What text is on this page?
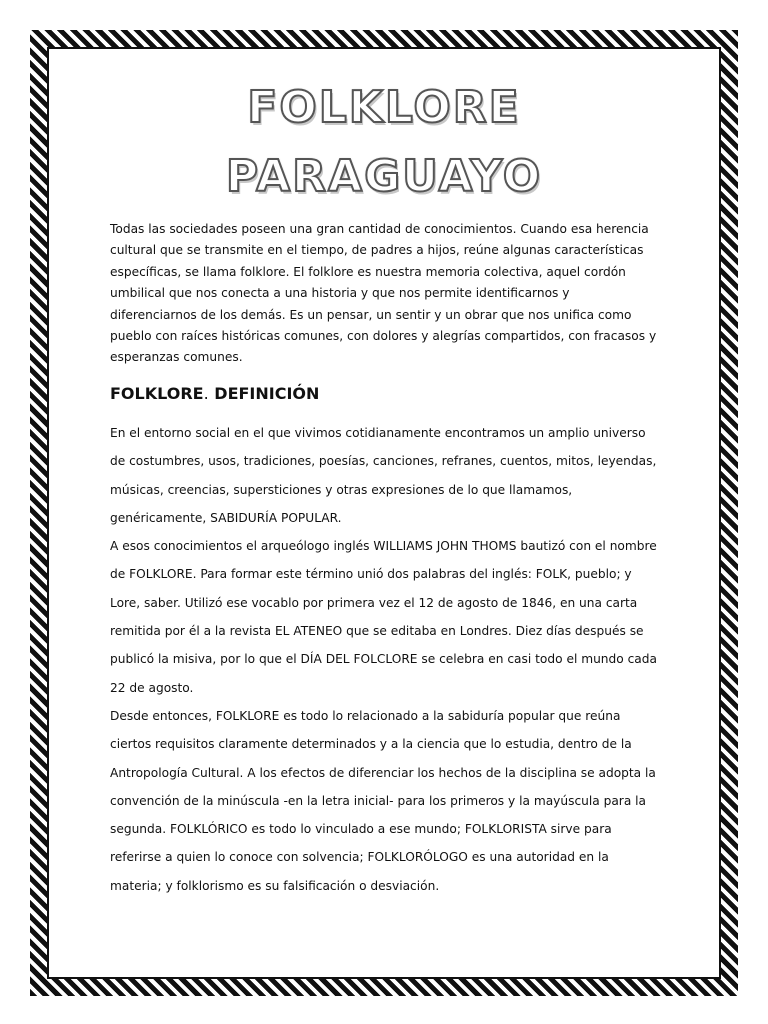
FOLKLORE
PARAGUAYO

Todas las sociedades poseen una gran cantidad de conocimientos. Cuando esa herencia cultural que se transmite en el tiempo, de padres a hijos, reúne algunas características específicas, se llama folklore. El folklore es nuestra memoria colectiva, aquel cordón umbilical que nos conecta a una historia y que nos permite identificarnos y diferenciarnos de los demás. Es un pensar, un sentir y un obrar que nos unifica como pueblo con raíces históricas comunes, con dolores y alegrías compartidos, con fracasos y esperanzas comunes.

FOLKLORE. DEFINICIÓN

En el entorno social en el que vivimos cotidianamente encontramos un amplio universo de costumbres, usos, tradiciones, poesías, canciones, refranes, cuentos, mitos, leyendas, músicas, creencias, supersticiones y otras expresiones de lo que llamamos, genéricamente, SABIDURÍA POPULAR.
A esos conocimientos el arqueólogo inglés WILLIAMS JOHN THOMS bautizó con el nombre de FOLKLORE. Para formar este término unió dos palabras del inglés: FOLK, pueblo; y Lore, saber. Utilizó ese vocablo por primera vez el 12 de agosto de 1846, en una carta remitida por él a la revista EL ATENEO que se editaba en Londres. Diez días después se publicó la misiva, por lo que el DÍA DEL FOLCLORE se celebra en casi todo el mundo cada 22 de agosto.
Desde entonces, FOLKLORE es todo lo relacionado a la sabiduría popular que reúna ciertos requisitos claramente determinados y a la ciencia que lo estudia, dentro de la Antropología Cultural. A los efectos de diferenciar los hechos de la disciplina se adopta la convención de la minúscula -en la letra inicial- para los primeros y la mayúscula para la segunda. FOLKLÓRICO es todo lo vinculado a ese mundo; FOLKLORISTA sirve para referirse a quien lo conoce con solvencia; FOLKLORÓLOGO es una autoridad en la materia; y folklorismo es su falsificación o desviación.
